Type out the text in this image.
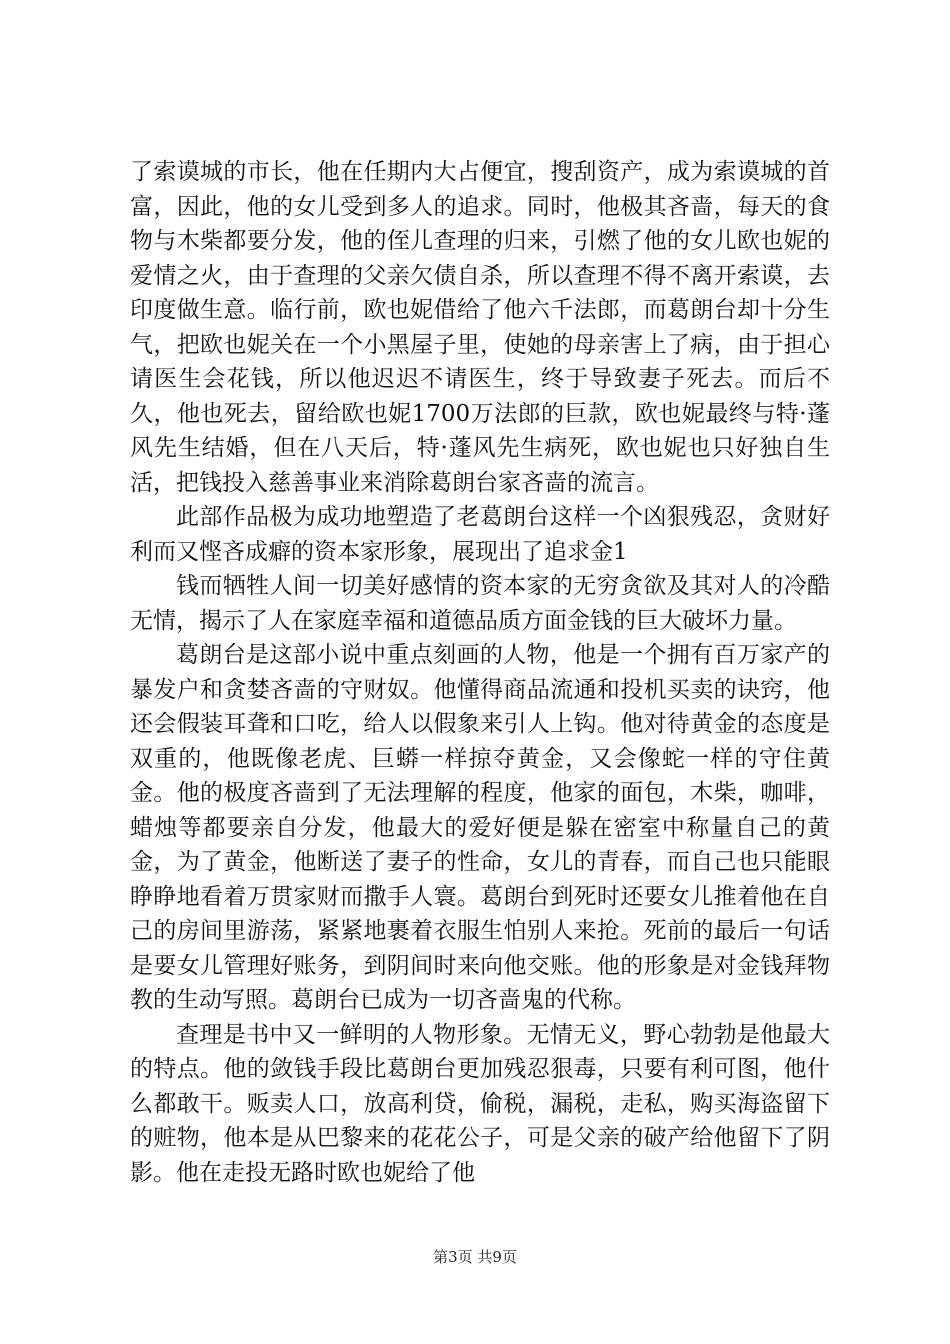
了索谟城的市长，他在任期内大占便宜，搜刮资产，成为索谟城的首富，因此，他的女儿受到多人的追求。同时，他极其吝啬，每天的食物与木柴都要分发，他的侄儿查理的归来，引燃了他的女儿欧也妮的爱情之火，由于查理的父亲欠债自杀，所以查理不得不离开索谟，去印度做生意。临行前，欧也妮借给了他六千法郎，而葛朗台却十分生气，把欧也妮关在一个小黑屋子里，使她的母亲害上了病，由于担心请医生会花钱，所以他迟迟不请医生，终于导致妻子死去。而后不久，他也死去，留给欧也妮1700万法郎的巨款，欧也妮最终与特·蓬风先生结婚，但在八天后，特·蓬风先生病死，欧也妮也只好独自生活，把钱投入慈善事业来消除葛朗台家吝啬的流言。

此部作品极为成功地塑造了老葛朗台这样一个凶狠残忍，贪财好利而又悭吝成癖的资本家形象，展现出了追求金1

钱而牺牲人间一切美好感情的资本家的无穷贪欲及其对人的冷酷无情，揭示了人在家庭幸福和道德品质方面金钱的巨大破坏力量。

葛朗台是这部小说中重点刻画的人物，他是一个拥有百万家产的暴发户和贪婪吝啬的守财奴。他懂得商品流通和投机买卖的诀窍，他还会假装耳聋和口吃，给人以假象来引人上钩。他对待黄金的态度是双重的，他既像老虎、巨蟒一样掠夺黄金，又会像蛇一样的守住黄金。他的极度吝啬到了无法理解的程度，他家的面包，木柴，咖啡，蜡烛等都要亲自分发，他最大的爱好便是躲在密室中称量自己的黄金，为了黄金，他断送了妻子的性命，女儿的青春，而自己也只能眼睁睁地看着万贯家财而撒手人寰。葛朗台到死时还要女儿推着他在自己的房间里游荡，紧紧地裹着衣服生怕别人来抢。死前的最后一句话是要女儿管理好账务，到阴间时来向他交账。他的形象是对金钱拜物教的生动写照。葛朗台已成为一切吝啬鬼的代称。

查理是书中又一鲜明的人物形象。无情无义，野心勃勃是他最大的特点。他的敛钱手段比葛朗台更加残忍狠毒，只要有利可图，他什么都敢干。贩卖人口，放高利贷，偷税，漏税，走私，购买海盗留下的赃物，他本是从巴黎来的花花公子，可是父亲的破产给他留下了阴影。他在走投无路时欧也妮给了他

第3页 共9页
